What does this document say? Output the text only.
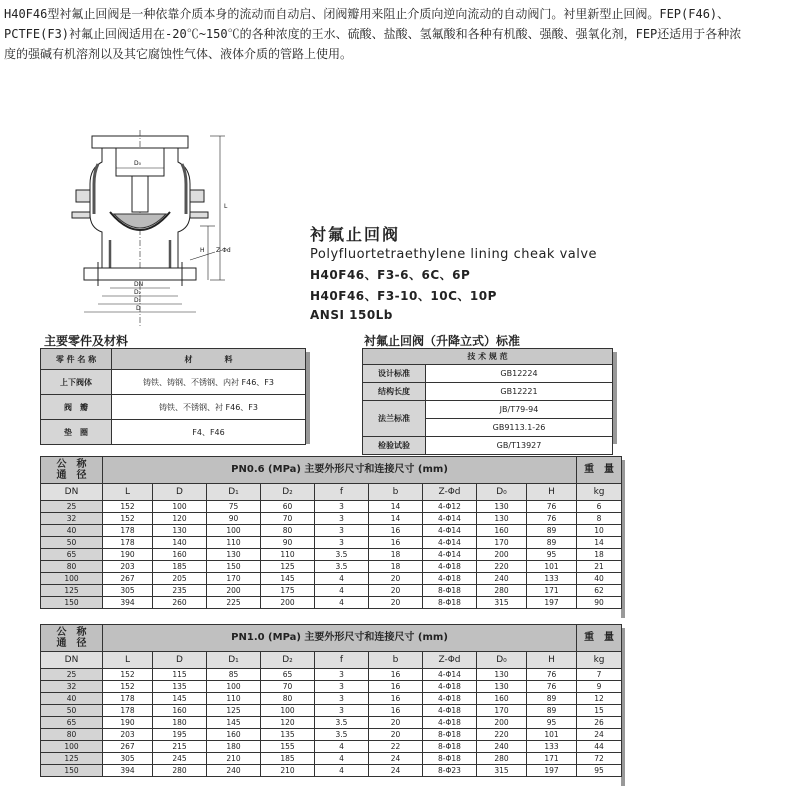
H40F46型衬氟止回阀是一种依靠介质本身的流动而自动启、闭阀瓣用来阻止介质向逆向流动的自动阀门。衬里新型止回阀。FEP(F46)、

PCTFE(F3)衬氟止回阀适用在-20℃~150℃的各种浓度的王水、硫酸、盐酸、氢氟酸和各种有机酸、强酸、强氧化剂，FEP还适用于各种浓

度的强碱有机溶剂以及其它腐蚀性气体、液体介质的管路上使用。

D₀
L
H Z-Φd
DN
D₂
D₁
D

衬氟止回阀

Polyfluortetraethylene lining cheak valve

H40F46、F3-6、6C、6P

H40F46、F3-10、10C、10P

ANSI 150Lb

主要零件及材料	衬氟止回阀（升降立式）标准
零 件 名 称	材　　　　料
上下阀体	铸铁、铸钢、不锈钢、内衬 F46、F3
阀　瓣	铸铁、不锈钢、衬 F46、F3
垫　圈	F4、F46
技 术 规 范	
设计标准	GB12224
结构长度	GB12221
法兰标准	JB/T79-94
	GB9113.1-26
检验试验	GB/T13927
公　称
通　径	PN0.6 (MPa) 主要外形尺寸和连接尺寸 (mm)									重　量
DN	L	D	D₁	D₂	f	b	Z-Φd	D₀	H	kg
25	152	100	75	60	3	14	4-Φ12	130	76	6
32	152	120	90	70	3	14	4-Φ14	130	76	8
40	178	130	100	80	3	16	4-Φ14	160	89	10
50	178	140	110	90	3	16	4-Φ14	170	89	14
65	190	160	130	110	3.5	18	4-Φ14	200	95	18
80	203	185	150	125	3.5	18	4-Φ18	220	101	21
100	267	205	170	145	4	20	4-Φ18	240	133	40
125	305	235	200	175	4	20	8-Φ18	280	171	62
150	394	260	225	200	4	20	8-Φ18	315	197	90
公　称
通　径	PN1.0 (MPa) 主要外形尺寸和连接尺寸 (mm)									重　量
DN	L	D	D₁	D₂	f	b	Z-Φd	D₀	H	kg
25	152	115	85	65	3	16	4-Φ14	130	76	7
32	152	135	100	70	3	16	4-Φ18	130	76	9
40	178	145	110	80	3	16	4-Φ18	160	89	12
50	178	160	125	100	3	16	4-Φ18	170	89	15
65	190	180	145	120	3.5	20	4-Φ18	200	95	26
80	203	195	160	135	3.5	20	8-Φ18	220	101	24
100	267	215	180	155	4	22	8-Φ18	240	133	44
125	305	245	210	185	4	24	8-Φ18	280	171	72
150	394	280	240	210	4	24	8-Φ23	315	197	95
